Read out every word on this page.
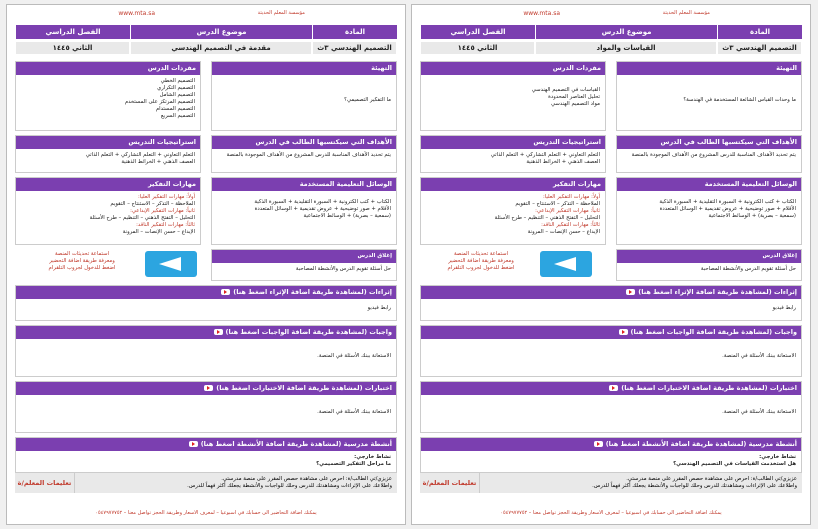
www.mta.sa	مؤسسة المعلم الحديثة
المادة
موضوع الدرس
الفصل الدراسي
التصميم الهندسي ٣ث
القياسات والمواد
الثاني ١٤٤٥
التهيئة
ما وحدات القياس الشائعة المستخدمة في الهندسة؟
مفردات الدرس
القياسات في التصميم الهندسي
تحليل العناصر المحدودة
مواد التصميم الهندسي
الأهداف التي سيكتسبها الطالب في الدرس
يتم تحديد الأهداف المناسبة للدرس المشروع من الأهداف الموجودة بالمنصة
استراتيجيات التدريس
التعلم التعاوني + التعلم التشاركي + التعلم الذاتي
العصف الذهني + الخرائط الذهنية
الوسائل التعليمية المستخدمة
الكتاب + كتب الكترونية + السبورة التقليدية + السبورة الذكية
الأقلام + صور توضيحية + عروض تقديمية + الوسائل المتعددة
(سمعية – بصرية) + الوسائط الاجتماعية
مهارات التفكير
أولاً: مهارات التفكير العليا:
الملاحظة – التذكر – الاستنتاج – التقويم
ثانياً: مهارات التفكير الإبداعي:
التحليل – التفتح الذهني – التنظيم – طرح الأسئلة
ثالثاً: مهارات التفكير الناقد:
الإبداع – حسن الإنصات – المرونة
إغلاق الدرس
حل أسئلة تقويم الدرس والأنشطة المصاحبة
استماعة تحديثات المنصة
ومعرفة طريقة اضافة التحضير
اضغط للدخول لجروب التلقرام
إثراءات (لمشاهدة طريقة اضافة الإثراء اضغط هنا)
رابط فيديو
واجبات (لمشاهدة طريقة اضافة الواجبات اضغط هنا)
الاستعانة ببنك الأسئلة في المنصة.
اختبارات (لمشاهدة طريقة اضافة الاختبارات اضغط هنا)
الاستعانة ببنك الأسئلة في المنصة.
أنشطة مدرسية (لمشاهدة طريقة اضافة الأنشطة اضغط هنا)
نشاط خارجي:
هل استخدمت القياسات في التصميم الهندسي؟
عزيزي/تي الطالب/ة: احرص على مشاهدة حصص المقرر على منصة مدرستي.
واطلاعك على الإثراءات ومشاهدتك للدرس وحلك للواجبات والأنشطة يجعلك أكثر فهماً للدرس.
تعليمات المعلم/ة
يمكنك اضافة التحاضير الى حسابك في اسبوعيا – لمعرف الاسعار وطريقة الحجز تواصل معنا – ٠٥٤٧٩٧٧٧٥٢
www.mta.sa	مؤسسة المعلم الحديثة
المادة
موضوع الدرس
الفصل الدراسي
التصميم الهندسي ٣ث
مقدمة في التصميم الهندسي
الثاني ١٤٤٥
التهيئة
ما التفكير التصميمي؟
مفردات الدرس
التصميم الخطي
التصميم التكراري
التصميم الشامل
التصميم المرتكز على المستخدم
التصميم المستدام
التصميم السريع
الأهداف التي سيكتسبها الطالب في الدرس
يتم تحديد الأهداف المناسبة للدرس المشروع من الأهداف الموجودة بالمنصة
استراتيجيات التدريس
التعلم التعاوني + التعلم التشاركي + التعلم الذاتي
العصف الذهني + الخرائط الذهنية
الوسائل التعليمية المستخدمة
الكتاب + كتب الكترونية + السبورة التقليدية + السبورة الذكية
الأقلام + صور توضيحية + عروض تقديمية + الوسائل المتعددة
(سمعية – بصرية) + الوسائط الاجتماعية
مهارات التفكير
أولاً: مهارات التفكير العليا:
الملاحظة – التذكر – الاستنتاج – التقويم
ثانياً: مهارات التفكير الإبداعي:
التحليل – التفتح الذهني – التنظيم – طرح الأسئلة
ثالثاً: مهارات التفكير الناقد:
الإبداع – حسن الإنصات – المرونة
إغلاق الدرس
حل أسئلة تقويم الدرس والأنشطة المصاحبة
استماعة تحديثات المنصة
ومعرفة طريقة اضافة التحضير
اضغط للدخول لجروب التلقرام
إثراءات (لمشاهدة طريقة اضافة الإثراء اضغط هنا)
رابط فيديو
واجبات (لمشاهدة طريقة اضافة الواجبات اضغط هنا)
الاستعانة ببنك الأسئلة في المنصة.
اختبارات (لمشاهدة طريقة اضافة الاختبارات اضغط هنا)
الاستعانة ببنك الأسئلة في المنصة.
أنشطة مدرسية (لمشاهدة طريقة اضافة الأنشطة اضغط هنا)
نشاط خارجي:
ما مراحل التفكير التصميمي؟
عزيزي/تي الطالب/ة: احرص على مشاهدة حصص المقرر على منصة مدرستي.
واطلاعك على الإثراءات ومشاهدتك للدرس وحلك للواجبات والأنشطة يجعلك أكثر فهماً للدرس.
تعليمات المعلم/ة
يمكنك اضافة التحاضير الى حسابك في اسبوعيا – لمعرف الاسعار وطريقة الحجز تواصل معنا – ٠٥٤٧٩٧٧٧٥٢
